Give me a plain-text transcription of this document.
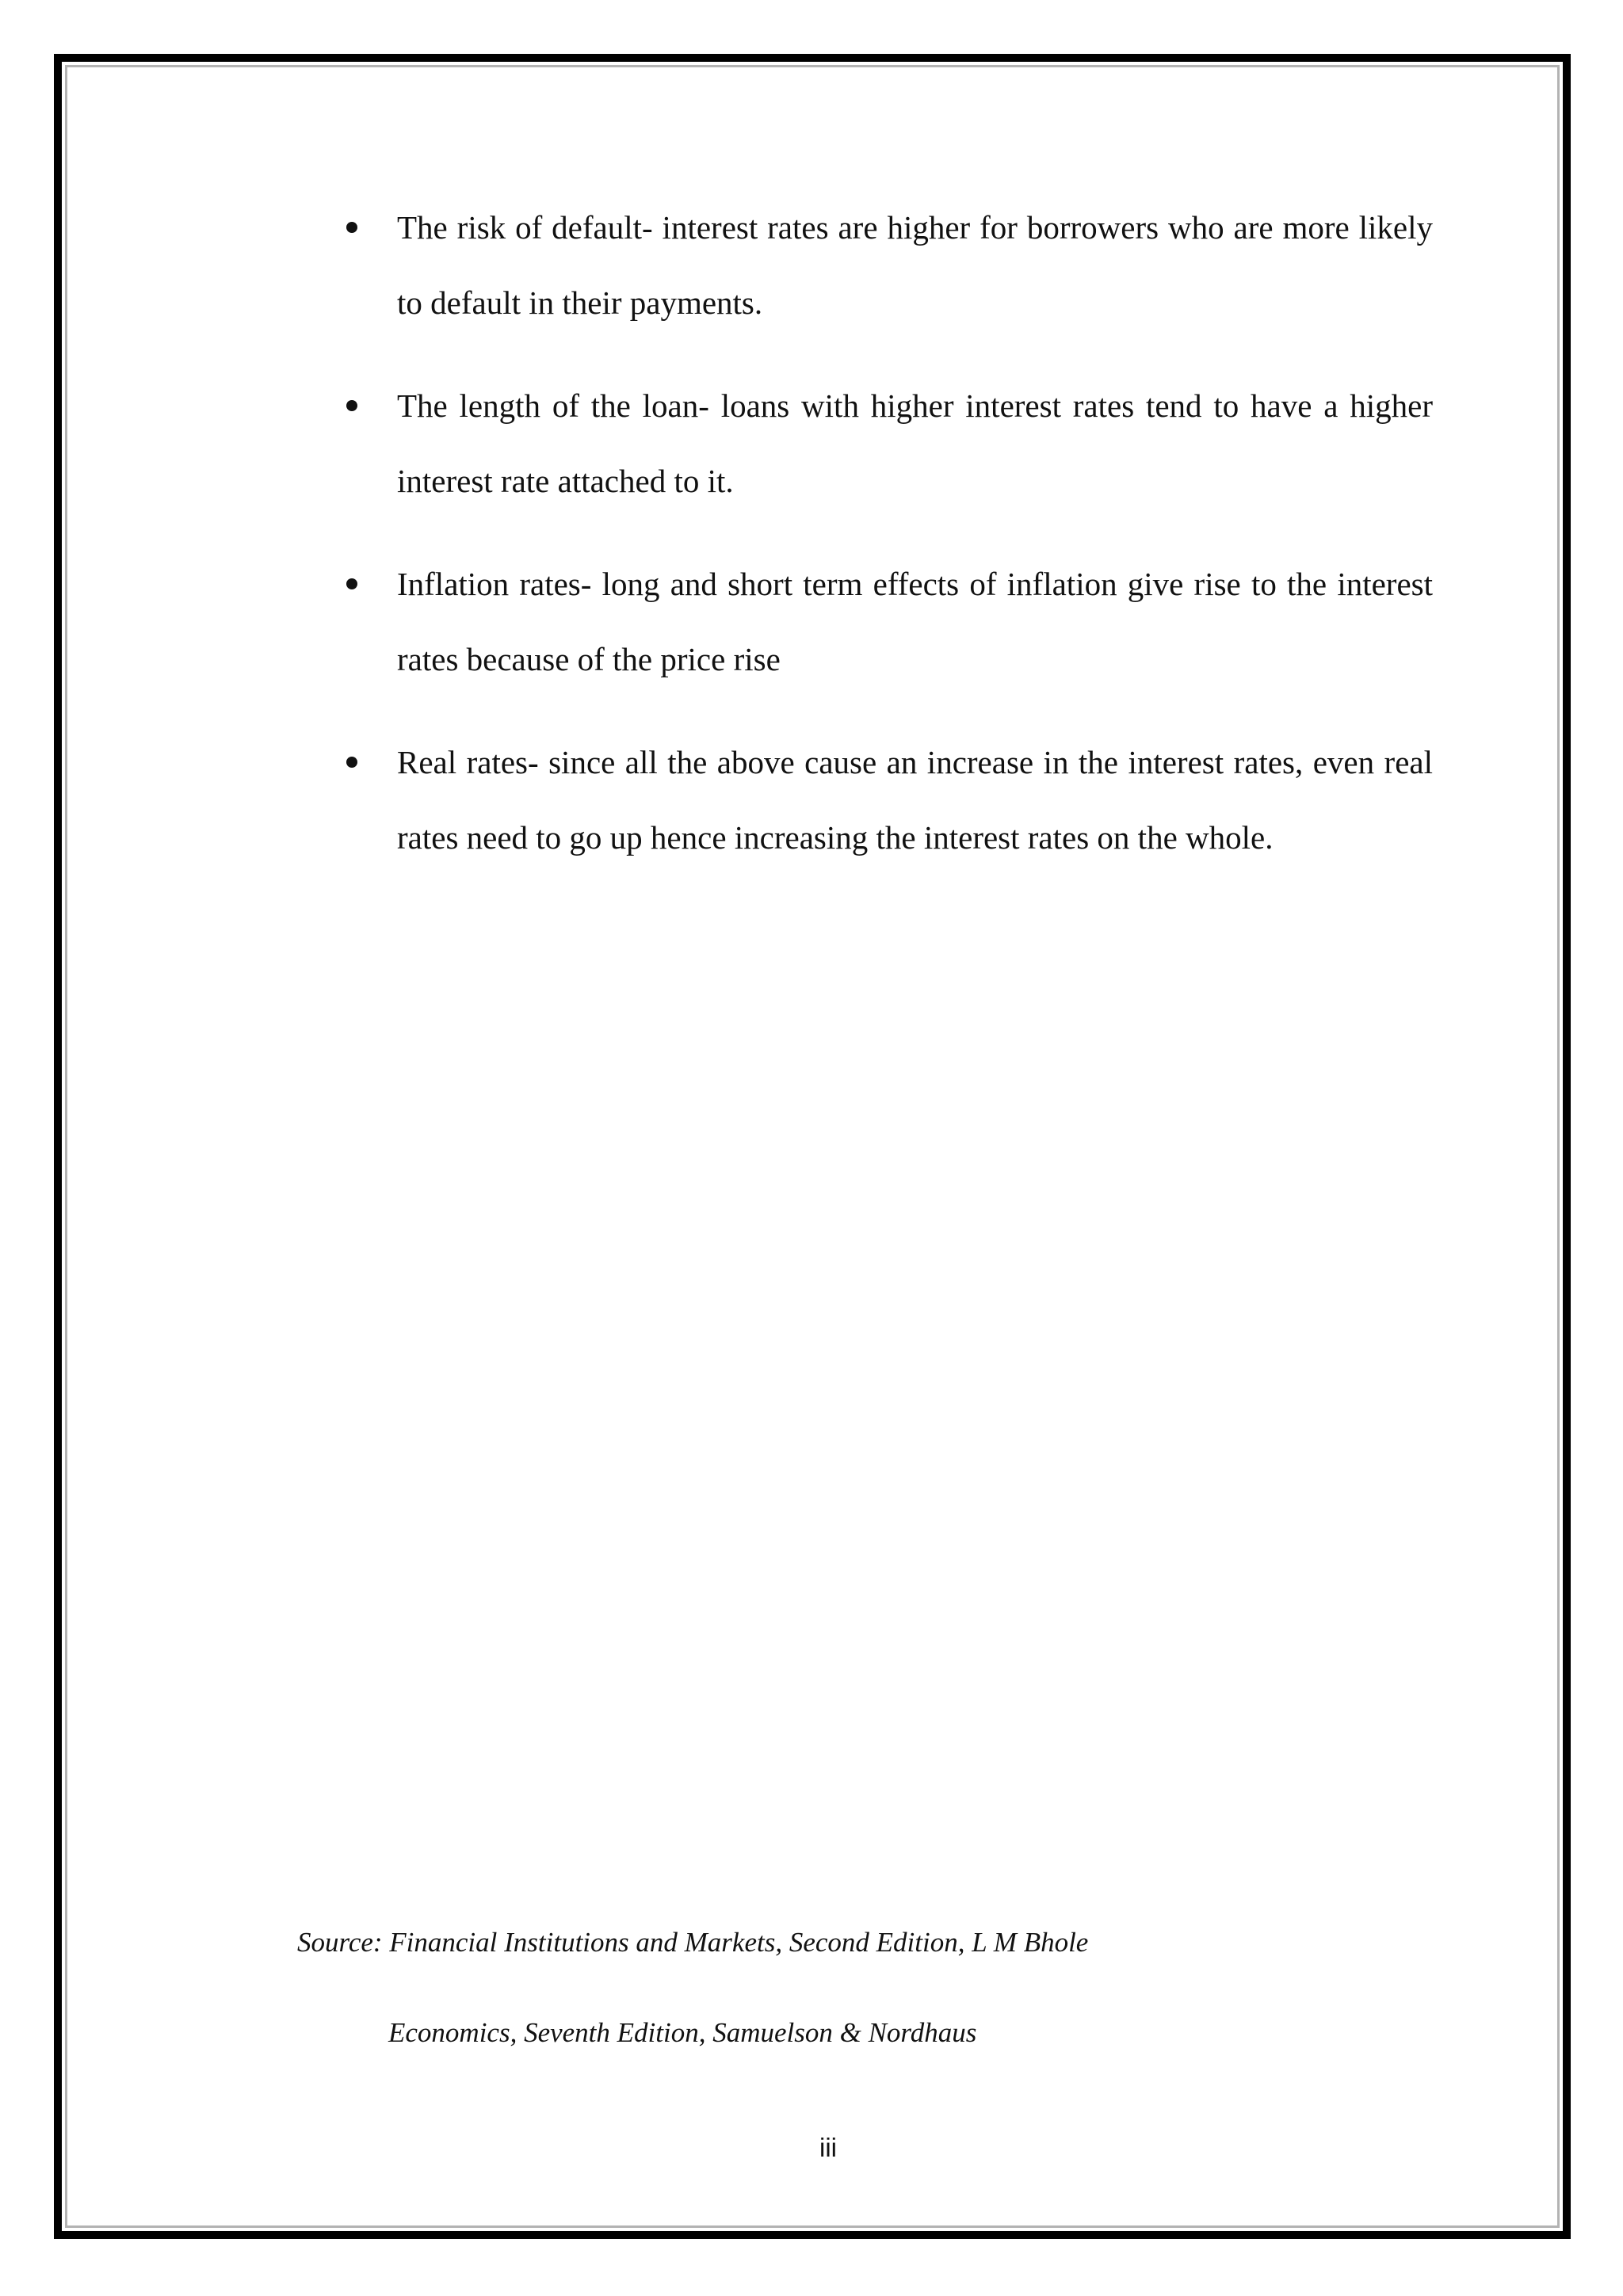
The risk of default- interest rates are higher for borrowers who are more likely to default in their payments.
The length of the loan- loans with higher interest rates tend to have a higher interest rate attached to it.
Inflation rates- long and short term effects of inflation give rise to the interest rates because of the price rise
Real rates- since all the above cause an increase in the interest rates, even real rates need to go up hence increasing the interest rates on the whole.
Source: Financial Institutions and Markets, Second Edition, L M Bhole
Economics, Seventh Edition, Samuelson & Nordhaus
iii
